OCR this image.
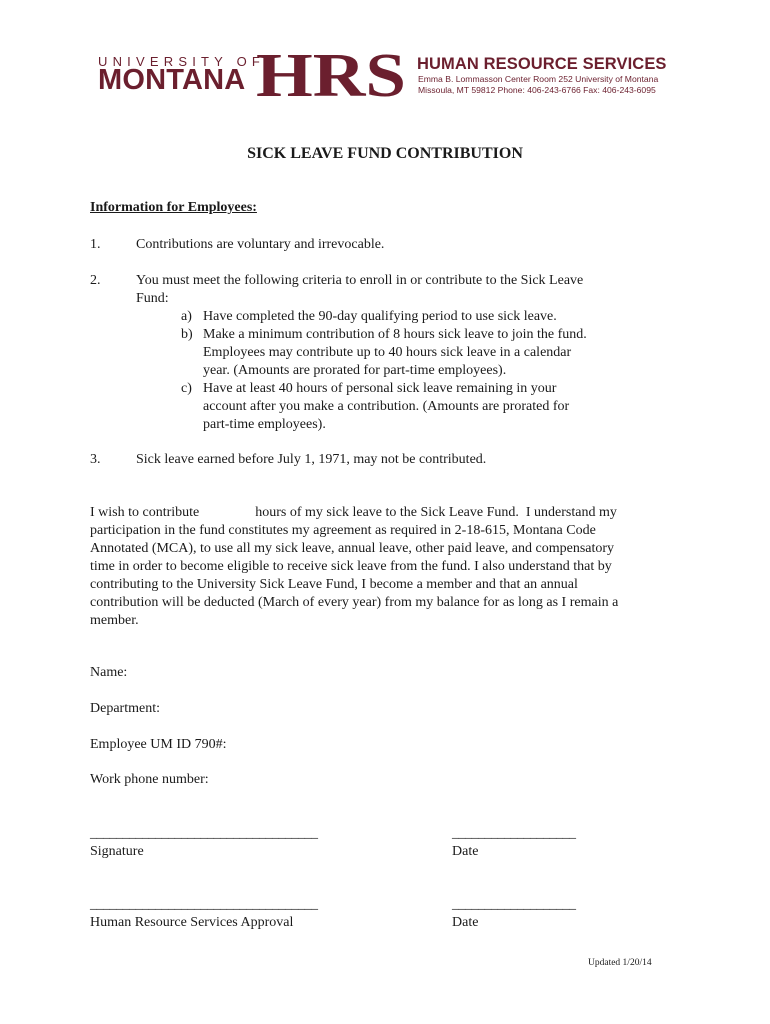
UNIVERSITY OF
MONTANA HRS HUMAN RESOURCE SERVICES
Emma B. Lommasson Center Room 252 University of Montana
Missoula, MT 59812 Phone: 406-243-6766 Fax: 406-243-6095
SICK LEAVE FUND CONTRIBUTION
Information for Employees:
1.	Contributions are voluntary and irrevocable.
2.	You must meet the following criteria to enroll in or contribute to the Sick Leave
Fund:
a) Have completed the 90-day qualifying period to use sick leave.
b) Make a minimum contribution of 8 hours sick leave to join the fund.
Employees may contribute up to 40 hours sick leave in a calendar
year. (Amounts are prorated for part-time employees).
c) Have at least 40 hours of personal sick leave remaining in your
account after you make a contribution. (Amounts are prorated for
part-time employees).
3.	Sick leave earned before July 1, 1971, may not be contributed.
I wish to contribute                hours of my sick leave to the Sick Leave Fund.  I understand my
participation in the fund constitutes my agreement as required in 2-18-615, Montana Code
Annotated (MCA), to use all my sick leave, annual leave, other paid leave, and compensatory
time in order to become eligible to receive sick leave from the fund. I also understand that by
contributing to the University Sick Leave Fund, I become a member and that an annual
contribution will be deducted (March of every year) from my balance for as long as I remain a
member.
Name:
Department:
Employee UM ID 790#:
Work phone number:
___________________________________	___________________
Signature	Date
___________________________________	___________________
Human Resource Services Approval	Date
Updated 1/20/14
